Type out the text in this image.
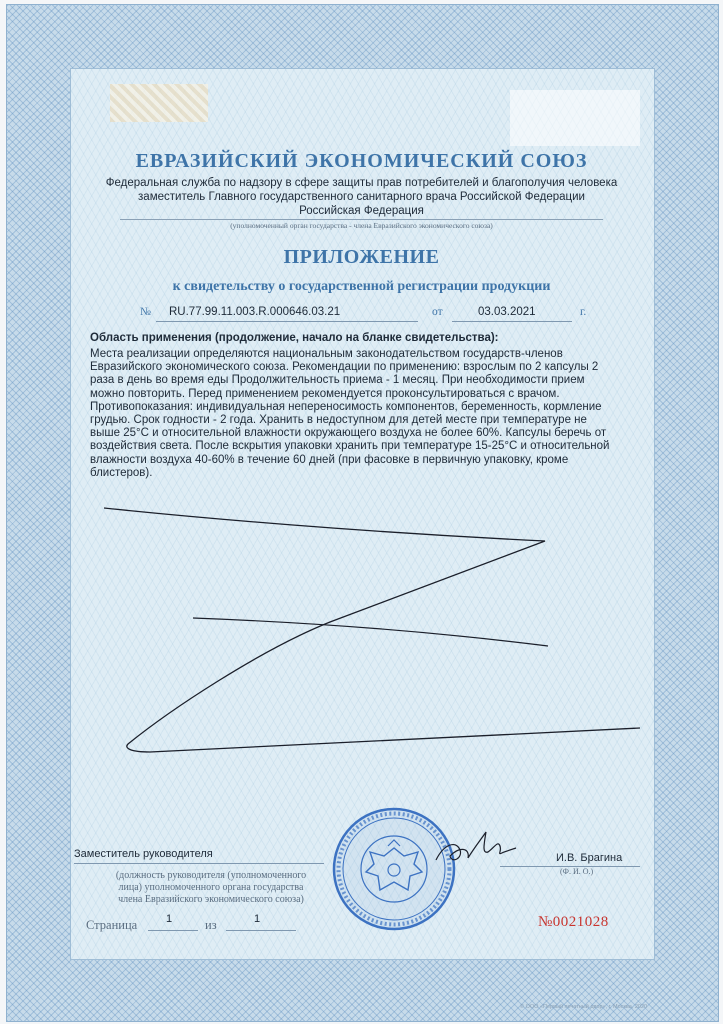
ЕВРАЗИЙСКИЙ ЭКОНОМИЧЕСКИЙ СОЮЗ
Федеральная служба по надзору в сфере защиты прав потребителей и благополучия человека
заместитель Главного государственного санитарного врача Российской Федерации
Российская Федерация
(уполномоченный орган государства - члена Евразийского экономического союза)
ПРИЛОЖЕНИЕ
к свидетельству о государственной регистрации продукции
№ RU.77.99.11.003.R.000646.03.21	от	03.03.2021	г.
Область применения (продолжение, начало на бланке свидетельства):
Места реализации определяются национальным законодательством государств-членов
Евразийского экономического союза. Рекомендации по применению: взрослым по 2 капсулы 2
раза в день во время еды Продолжительность приема - 1 месяц. При необходимости прием
можно повторить. Перед применением рекомендуется проконсультироваться с врачом.
Противопоказания: индивидуальная непереносимость компонентов, беременность, кормление
грудью. Срок годности - 2 года. Хранить в недоступном для детей месте при температуре не
выше 25°С и относительной влажности окружающего воздуха не более 60%. Капсулы беречь от
воздействия света. После вскрытия упаковки хранить при температуре 15-25°С и относительной
влажности воздуха 40-60% в течение 60 дней (при фасовке в первичную упаковку, кроме
блистеров).
Заместитель руководителя	И.В. Брагина
(Ф. И. О.)
(должность руководителя (уполномоченного
лица) уполномоченного органа государства
члена Евразийского экономического союза)
Страница	1	из	1	№0021028
© ООО «Первый печатный двор», г. Москва, 2020
